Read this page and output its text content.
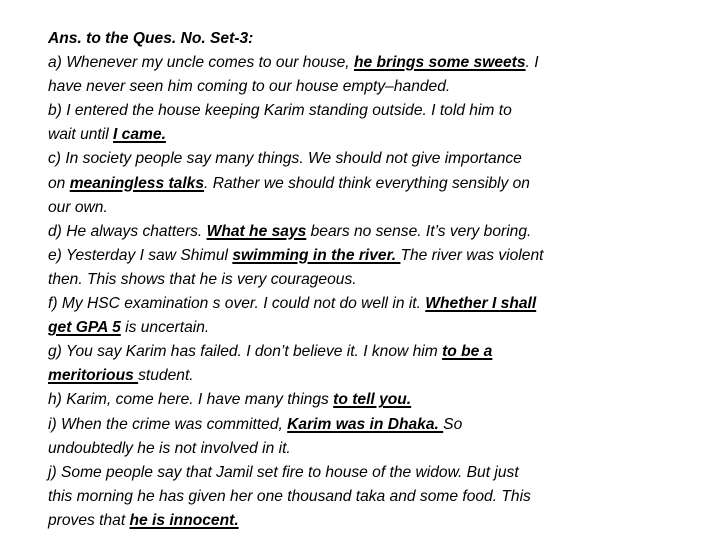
Ans. to the Ques. No. Set-3:
a) Whenever my uncle comes to our house, he brings some sweets. I
have never seen him coming to our house empty–handed.
b) I entered the house keeping Karim standing outside. I told him to
wait until I came.
c) In society people say many things. We should not give importance
on meaningless talks. Rather we should think everything sensibly on
our own.
d) He always chatters. What he says bears no sense. It’s very boring.
e) Yesterday I saw Shimul swimming in the river. The river was violent
then. This shows that he is very courageous.
f) My HSC examination s over. I could not do well in it. Whether I shall
get GPA 5 is uncertain.
g) You say Karim has failed. I don’t believe it. I know him to be a
meritorious student.
h) Karim, come here. I have many things to tell you.
i) When the crime was committed, Karim was in Dhaka. So
undoubtedly he is not involved in it.
j) Some people say that Jamil set fire to house of the widow. But just
this morning he has given her one thousand taka and some food. This
proves that he is innocent.
